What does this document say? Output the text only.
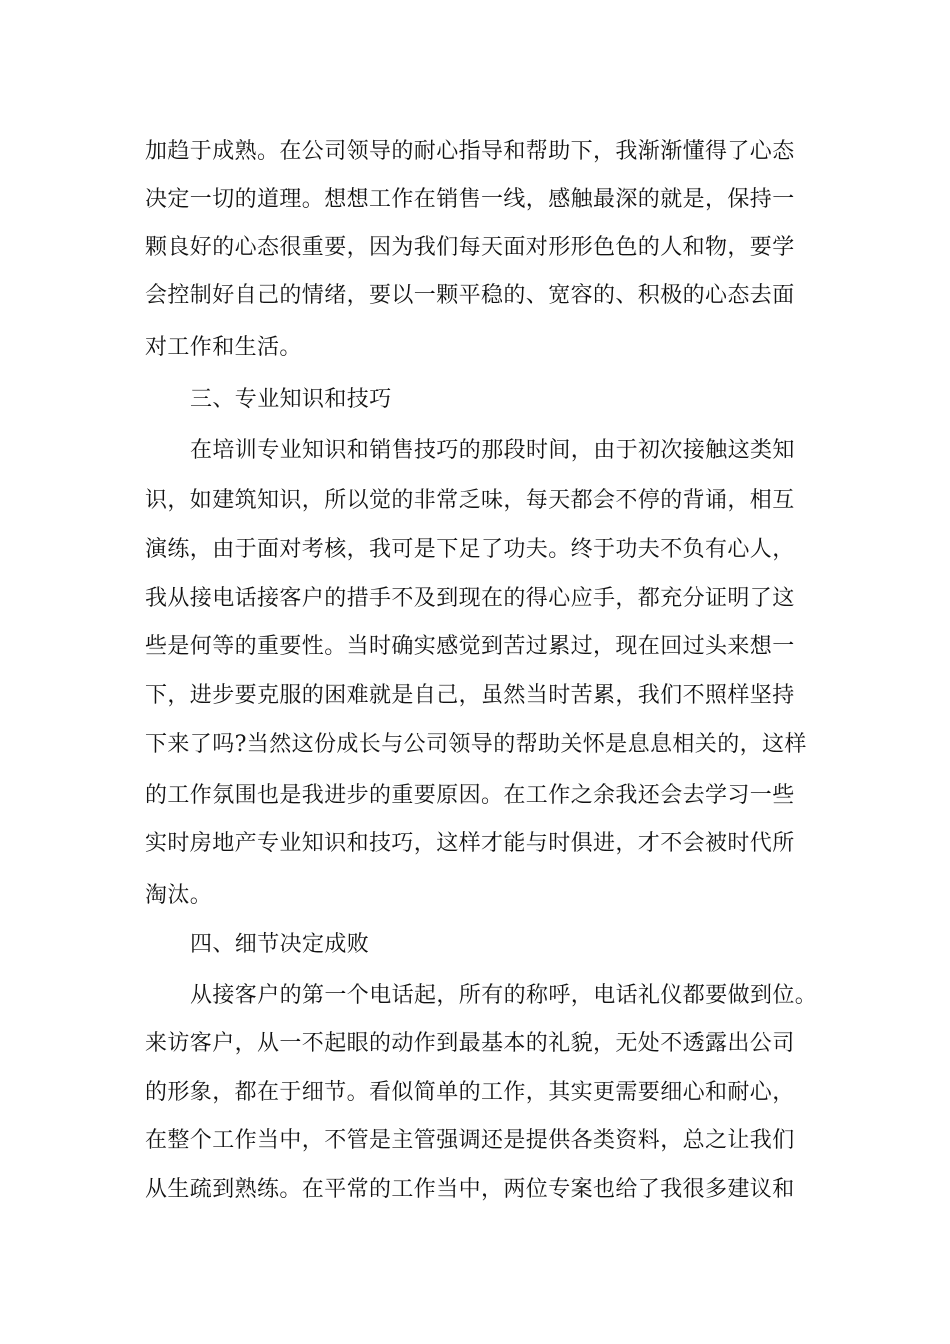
加趋于成熟。在公司领导的耐心指导和帮助下，我渐渐懂得了心态

决定一切的道理。想想工作在销售一线，感触最深的就是，保持一

颗良好的心态很重要，因为我们每天面对形形色色的人和物，要学

会控制好自己的情绪，要以一颗平稳的、宽容的、积极的心态去面

对工作和生活。

三、专业知识和技巧

在培训专业知识和销售技巧的那段时间，由于初次接触这类知

识，如建筑知识，所以觉的非常乏味，每天都会不停的背诵，相互

演练，由于面对考核，我可是下足了功夫。终于功夫不负有心人，

我从接电话接客户的措手不及到现在的得心应手，都充分证明了这

些是何等的重要性。当时确实感觉到苦过累过，现在回过头来想一

下，进步要克服的困难就是自己，虽然当时苦累，我们不照样坚持

下来了吗?当然这份成长与公司领导的帮助关怀是息息相关的，这样

的工作氛围也是我进步的重要原因。在工作之余我还会去学习一些

实时房地产专业知识和技巧，这样才能与时俱进，才不会被时代所

淘汰。

四、细节决定成败

从接客户的第一个电话起，所有的称呼，电话礼仪都要做到位。

来访客户，从一不起眼的动作到最基本的礼貌，无处不透露出公司

的形象，都在于细节。看似简单的工作，其实更需要细心和耐心，

在整个工作当中，不管是主管强调还是提供各类资料，总之让我们

从生疏到熟练。在平常的工作当中，两位专案也给了我很多建议和
